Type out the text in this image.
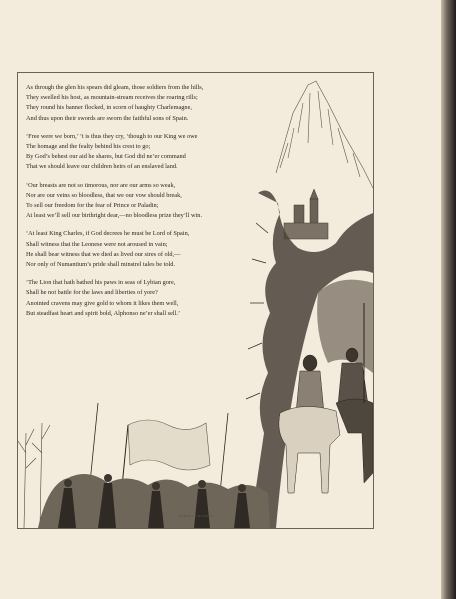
As through the glen his spears did gleam, those soldiers from the hills,
They swelled his host, as mountain-stream receives the roaring rills;
They round his banner flocked, in scorn of haughty Charlemagne,
And thus upon their swords are sworn the faithful sons of Spain.
‘Free were we born,’ ’t is thus they cry, ‘though to our King we owe
The homage and the fealty behind his crest to go;
By God’s behest our aid he shares, but God did ne’er command
That we should leave our children heirs of an enslaved land.
‘Our breasts are not so timorous, nor are our arms so weak,
Nor are our veins so bloodless, that we our vow should break,
To sell our freedom for the fear of Prince or Paladin;
At least we’ll sell our birthright dear,—no bloodless prize they’ll win.
‘At least King Charles, if God decrees he must be Lord of Spain,
Shall witness that the Leonese were not aroused in vain;
He shall bear witness that we died as lived our sires of old,—
Nor only of Numantium’s pride shall minstrel tales be told.
‘The Lion that hath bathed his paws in seas of Lybian gore,
Shall he not battle for the laws and liberties of yore?
Anointed cravens may give gold to whom it likes them well,
But steadfast heart and spirit bold, Alphonso ne’er shall sell.’
BOBBETT-HOOPER
